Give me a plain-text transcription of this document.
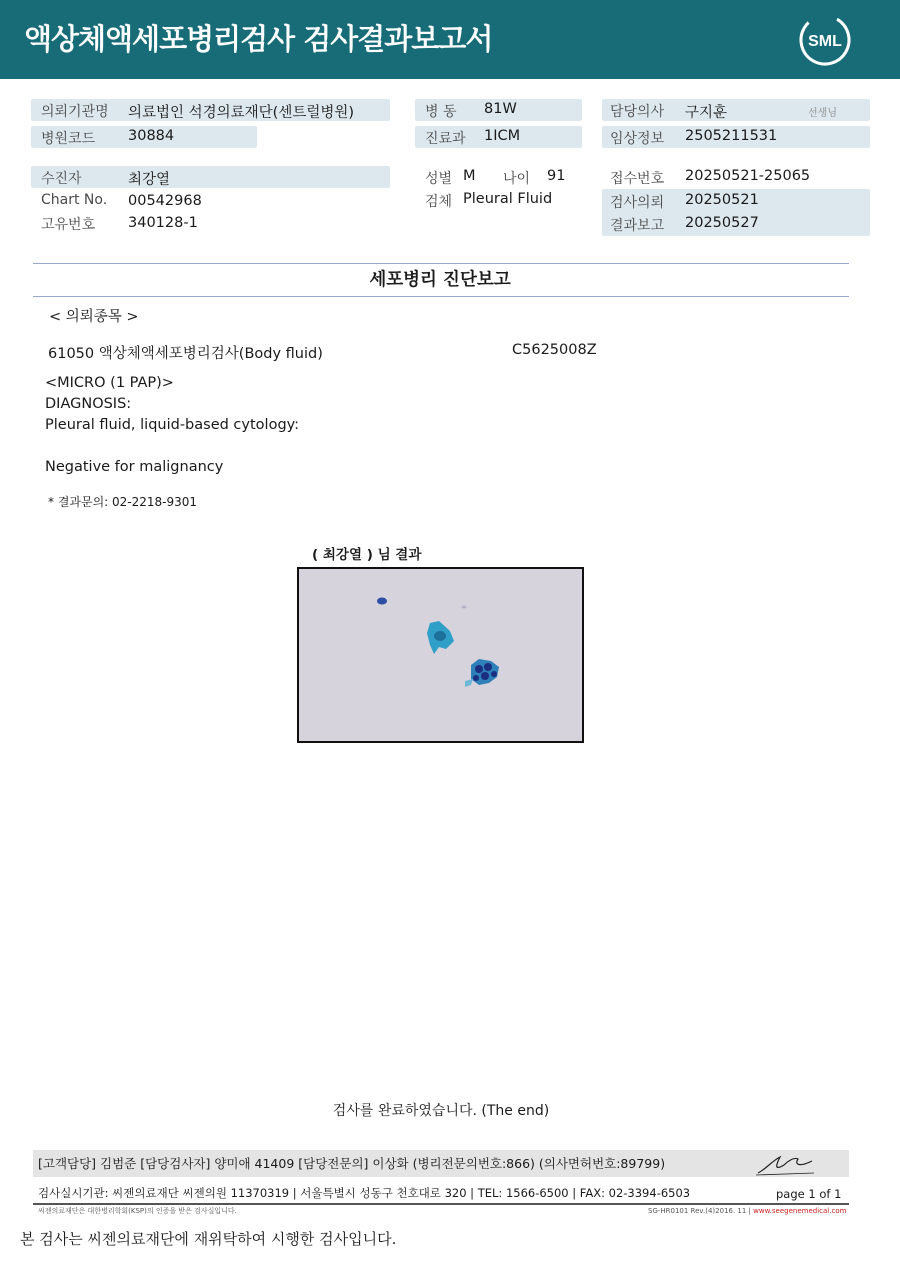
액상체액세포병리검사 검사결과보고서	SML
의뢰기관명 의료법인 석경의료재단(센트럴병원)
병원코드 30884
수진자	최강열
Chart No. 00542968
고유번호 340128-1
병 동 81W
진료과 1ICM
성별 M 나이 91
검체 Pleural Fluid
담당의사 구지훈	선생님
임상정보 2505211531
접수번호 20250521-25065
검사의뢰 20250521
결과보고 20250527
세포병리 진단보고
< 의뢰종목 >
61050 액상체액세포병리검사(Body fluid)	C5625008Z
<MICRO (1 PAP)>
DIAGNOSIS:
Pleural fluid, liquid-based cytology:
Negative for malignancy
* 결과문의: 02-2218-9301
( 최강열 ) 님 결과
검사를 완료하였습니다. (The end)
[고객담당] 김범준 [담당검사자] 양미애 41409 [담당전문의] 이상화 (병리전문의번호:866) (의사면허번호:89799)
검사실시기관: 씨젠의료재단 씨젠의원 11370319 | 서울특별시 성동구 천호대로 320 | TEL: 1566-6500 | FAX: 02-3394-6503	page 1 of 1
씨젠의료재단은 대한병리학회(KSP)의 인증을 받은 검사실입니다.	SG-HR0101 Rev.(4)2016. 11 | www.seegenemedical.com
본 검사는 씨젠의료재단에 재위탁하여 시행한 검사입니다.
